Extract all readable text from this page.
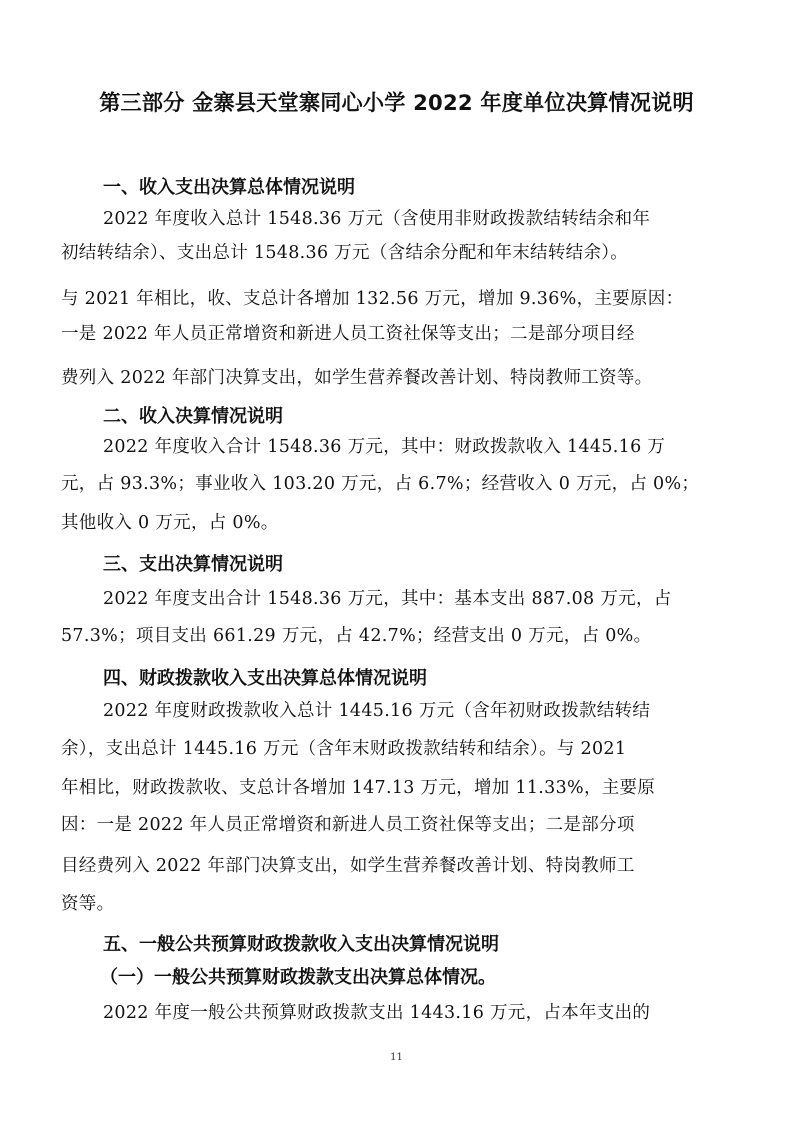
第三部分 金寨县天堂寨同心小学 2022 年度单位决算情况说明
一、收入支出决算总体情况说明
2022 年度收入总计 1548.36 万元（含使用非财政拨款结转结余和年
初结转结余）、支出总计 1548.36 万元（含结余分配和年末结转结余）。
与 2021 年相比，收、支总计各增加 132.56 万元，增加 9.36%，主要原因：
一是 2022 年人员正常增资和新进人员工资社保等支出；二是部分项目经
费列入 2022 年部门决算支出，如学生营养餐改善计划、特岗教师工资等。
二、收入决算情况说明
2022 年度收入合计 1548.36 万元，其中：财政拨款收入 1445.16 万
元，占 93.3%；事业收入 103.20 万元，占 6.7%；经营收入 0 万元，占 0%；
其他收入 0 万元，占 0%。
三、支出决算情况说明
2022 年度支出合计 1548.36 万元，其中：基本支出 887.08 万元，占
57.3%；项目支出 661.29 万元，占 42.7%；经营支出 0 万元，占 0%。
四、财政拨款收入支出决算总体情况说明
2022 年度财政拨款收入总计 1445.16 万元（含年初财政拨款结转结
余），支出总计 1445.16 万元（含年末财政拨款结转和结余）。与 2021
年相比，财政拨款收、支总计各增加 147.13 万元，增加 11.33%，主要原
因：一是 2022 年人员正常增资和新进人员工资社保等支出；二是部分项
目经费列入 2022 年部门决算支出，如学生营养餐改善计划、特岗教师工
资等。
五、一般公共预算财政拨款收入支出决算情况说明
（一）一般公共预算财政拨款支出决算总体情况。
2022 年度一般公共预算财政拨款支出 1443.16 万元，占本年支出的
11
